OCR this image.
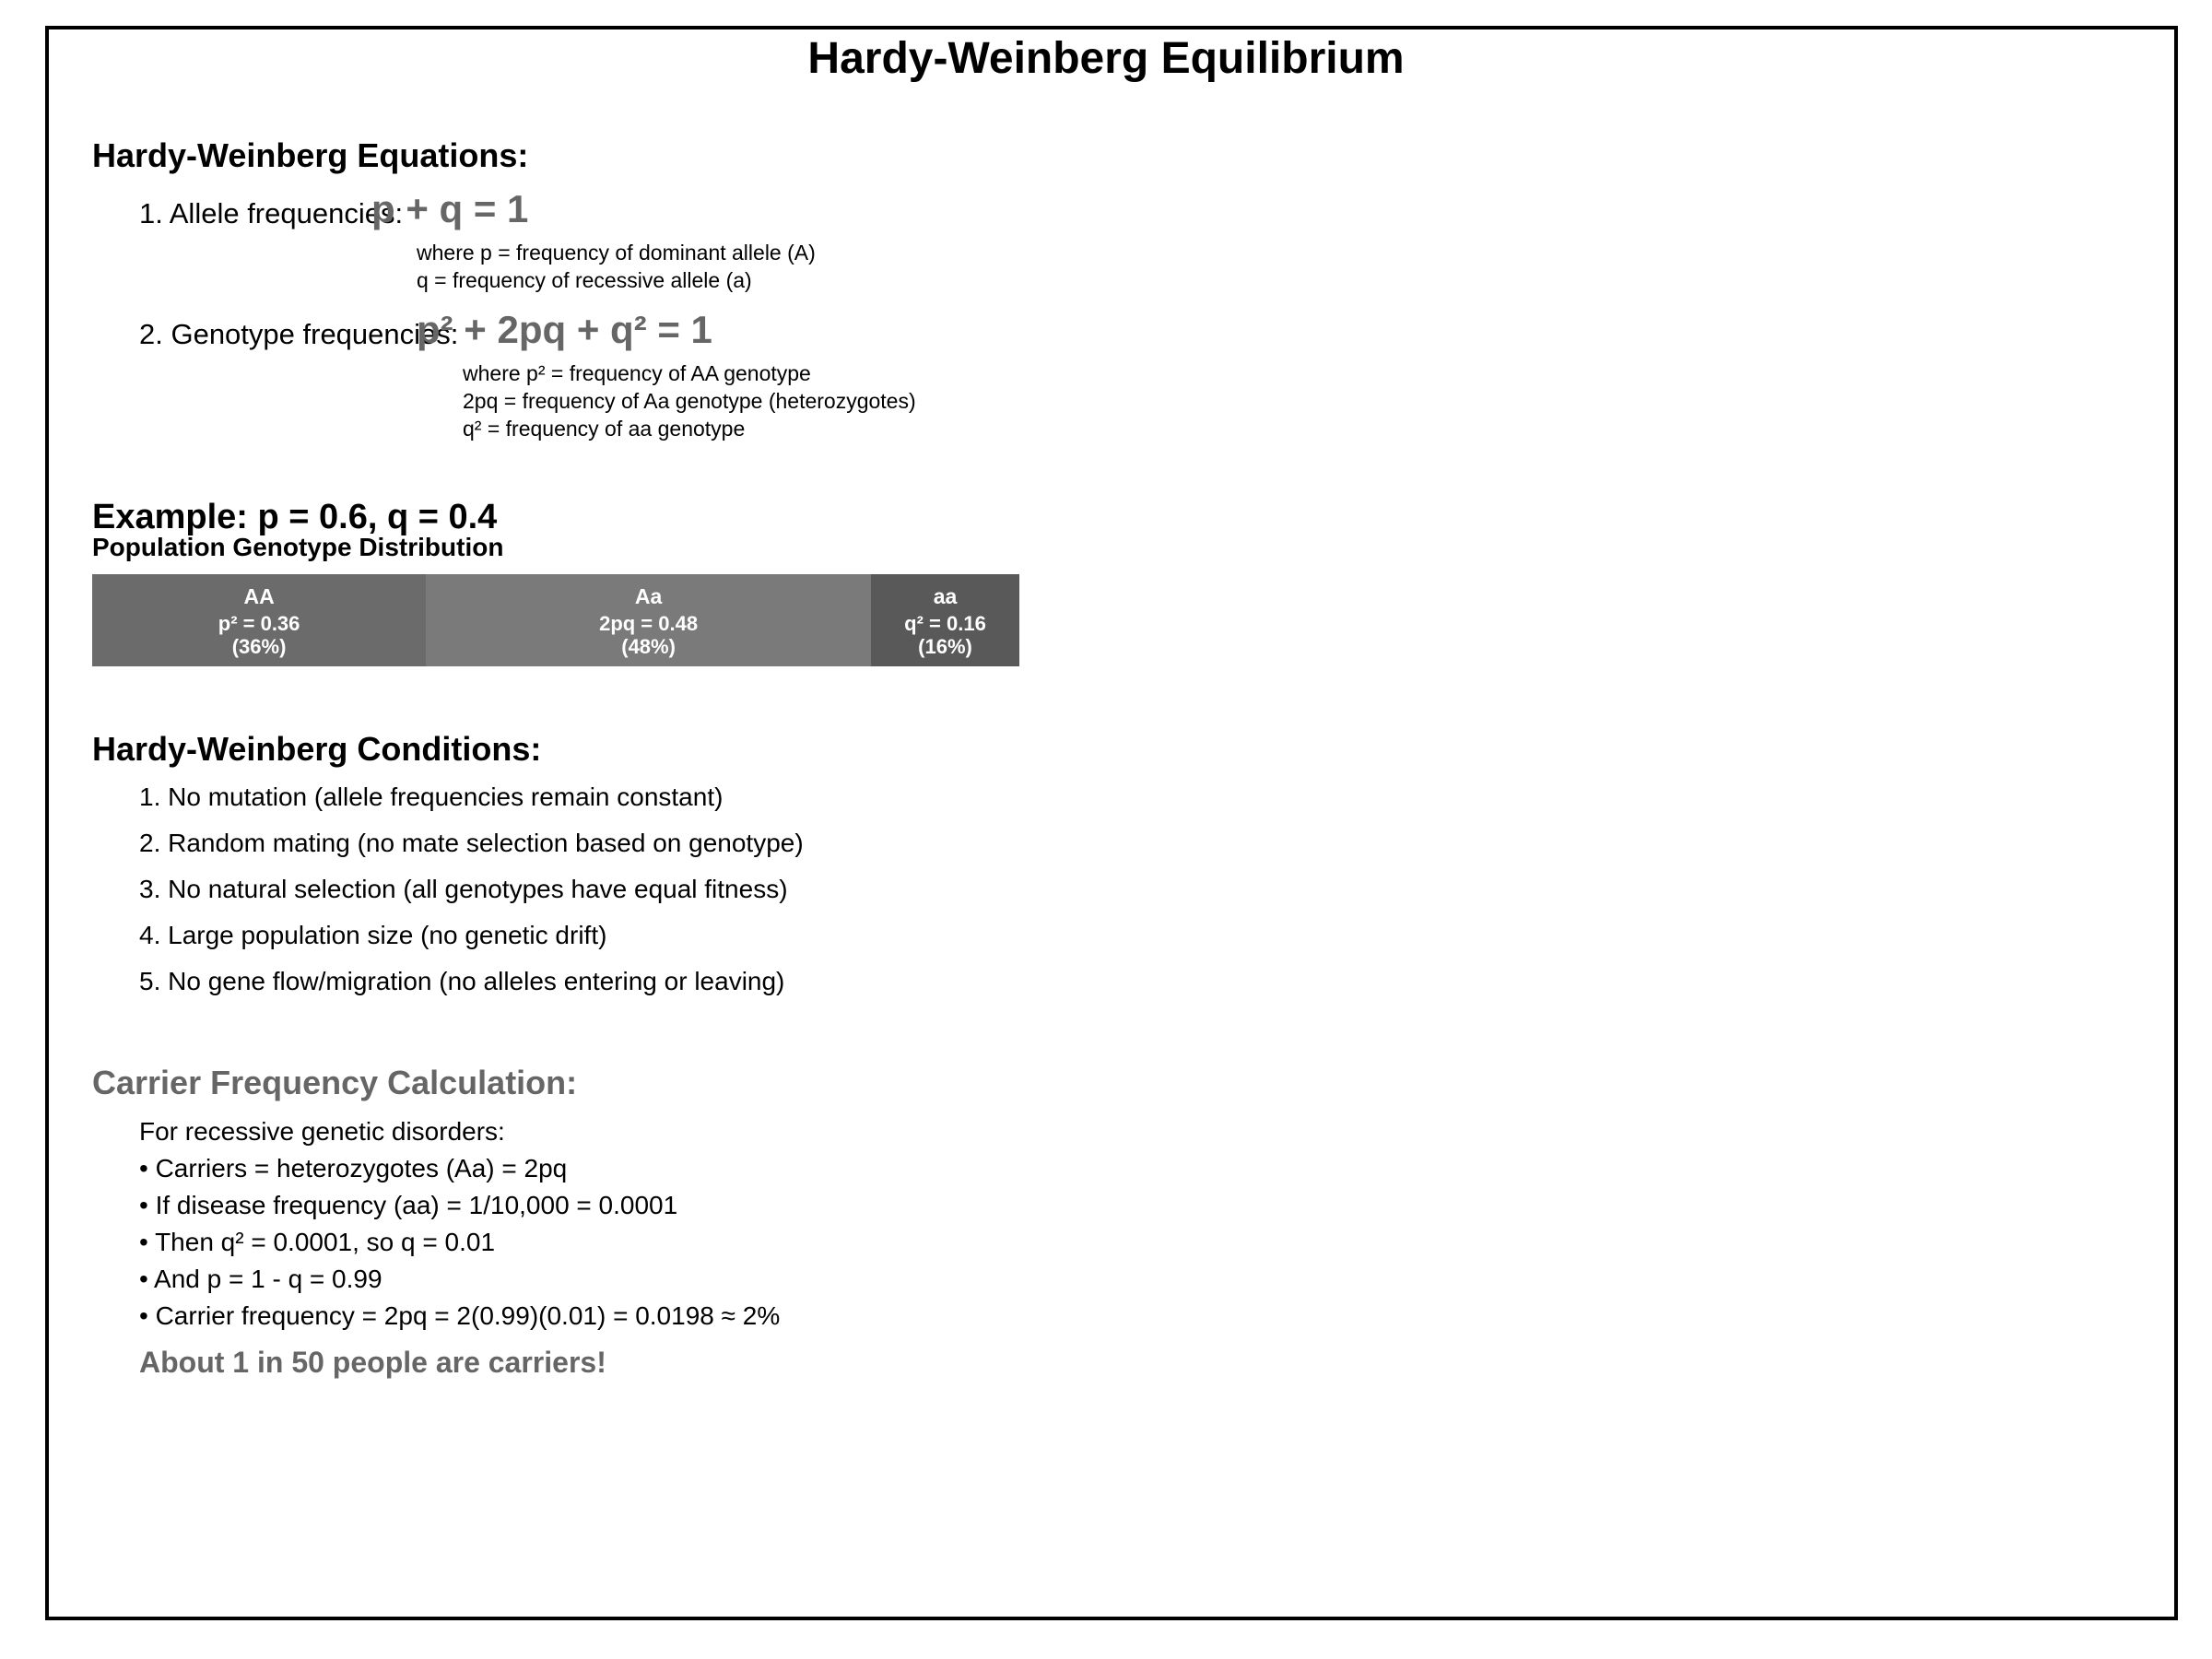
Hardy-Weinberg Equilibrium
Hardy-Weinberg Equations:
1. Allele frequencies:
p + q = 1
where p = frequency of dominant allele (A)
q = frequency of recessive allele (a)
2. Genotype frequencies:
p² + 2pq + q² = 1
where p² = frequency of AA genotype
2pq = frequency of Aa genotype (heterozygotes)
q² = frequency of aa genotype
Example: p = 0.6, q = 0.4
Population Genotype Distribution
AA
p² = 0.36
(36%)
Aa
2pq = 0.48
(48%)
aa
q² = 0.16
(16%)
Hardy-Weinberg Conditions:
1. No mutation (allele frequencies remain constant)
2. Random mating (no mate selection based on genotype)
3. No natural selection (all genotypes have equal fitness)
4. Large population size (no genetic drift)
5. No gene flow/migration (no alleles entering or leaving)
Carrier Frequency Calculation:
For recessive genetic disorders:
• Carriers = heterozygotes (Aa) = 2pq
• If disease frequency (aa) = 1/10,000 = 0.0001
• Then q² = 0.0001, so q = 0.01
• And p = 1 - q = 0.99
• Carrier frequency = 2pq = 2(0.99)(0.01) = 0.0198 ≈ 2%
About 1 in 50 people are carriers!
